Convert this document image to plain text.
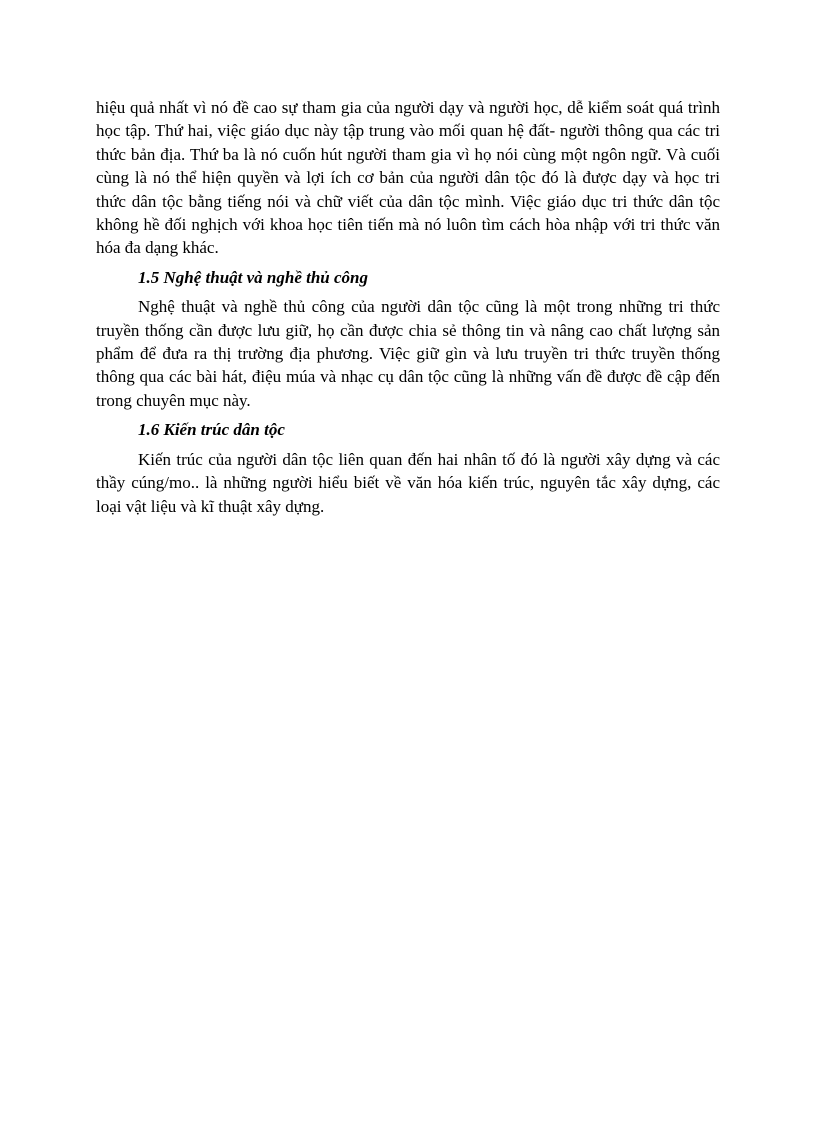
hiệu quả nhất vì nó đề cao sự tham gia của người dạy và người học, dễ kiểm soát quá trình học tập. Thứ hai, việc giáo dục này tập trung vào mối quan hệ đất- người thông qua các tri thức bản địa. Thứ ba là nó cuốn hút người tham gia vì họ nói cùng một ngôn ngữ. Và cuối cùng là nó thể hiện quyền và lợi ích cơ bản của người dân tộc đó là được dạy và học tri thức dân tộc bằng tiếng nói và chữ viết của dân tộc mình. Việc giáo dục tri thức dân tộc không hề đối nghịch với khoa học tiên tiến mà nó luôn tìm cách hòa nhập với tri thức văn hóa đa dạng khác.

1.5 Nghệ thuật và nghề thủ công

Nghệ thuật và nghề thủ công của người dân tộc cũng là một trong những tri thức truyền thống cần được lưu giữ, họ cần được chia sẻ thông tin và nâng cao chất lượng sản phẩm để đưa ra thị trường địa phương. Việc giữ gìn và lưu truyền tri thức truyền thống thông qua các bài hát, điệu múa và nhạc cụ dân tộc cũng là những vấn đề được đề cập đến trong chuyên mục này.

1.6 Kiến trúc dân tộc

Kiến trúc của người dân tộc liên quan đến hai nhân tố đó là người xây dựng và các thầy cúng/mo.. là những người hiểu biết về văn hóa kiến trúc, nguyên tắc xây dựng, các loại vật liệu và kĩ thuật xây dựng.
